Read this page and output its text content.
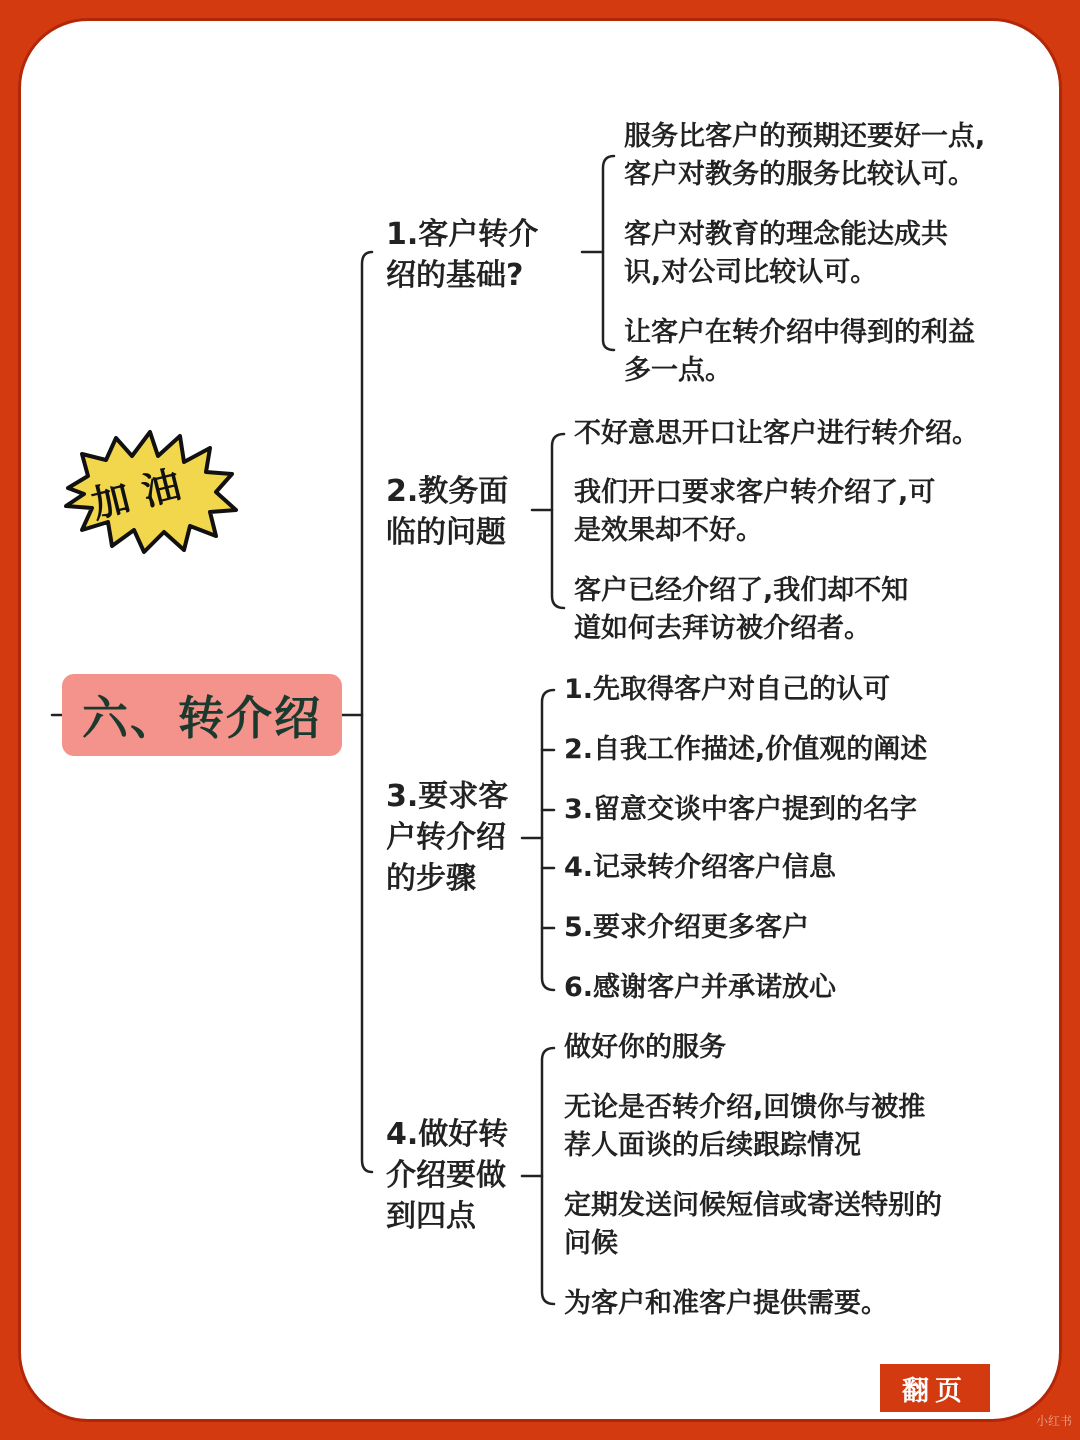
加油
六、转介绍
1.客户转介
绍的基础?
2.教务面
临的问题
3.要求客
户转介绍
的步骤
4.做好转
介绍要做
到四点
服务比客户的预期还要好一点,
客户对教务的服务比较认可。
客户对教育的理念能达成共
识,对公司比较认可。
让客户在转介绍中得到的利益
多一点。
不好意思开口让客户进行转介绍。
我们开口要求客户转介绍了,可
是效果却不好。
客户已经介绍了,我们却不知
道如何去拜访被介绍者。
1.先取得客户对自己的认可
2.自我工作描述,价值观的阐述
3.留意交谈中客户提到的名字
4.记录转介绍客户信息
5.要求介绍更多客户
6.感谢客户并承诺放心
做好你的服务
无论是否转介绍,回馈你与被推
荐人面谈的后续跟踪情况
定期发送问候短信或寄送特别的
问候
为客户和准客户提供需要。
翻页
小红书
